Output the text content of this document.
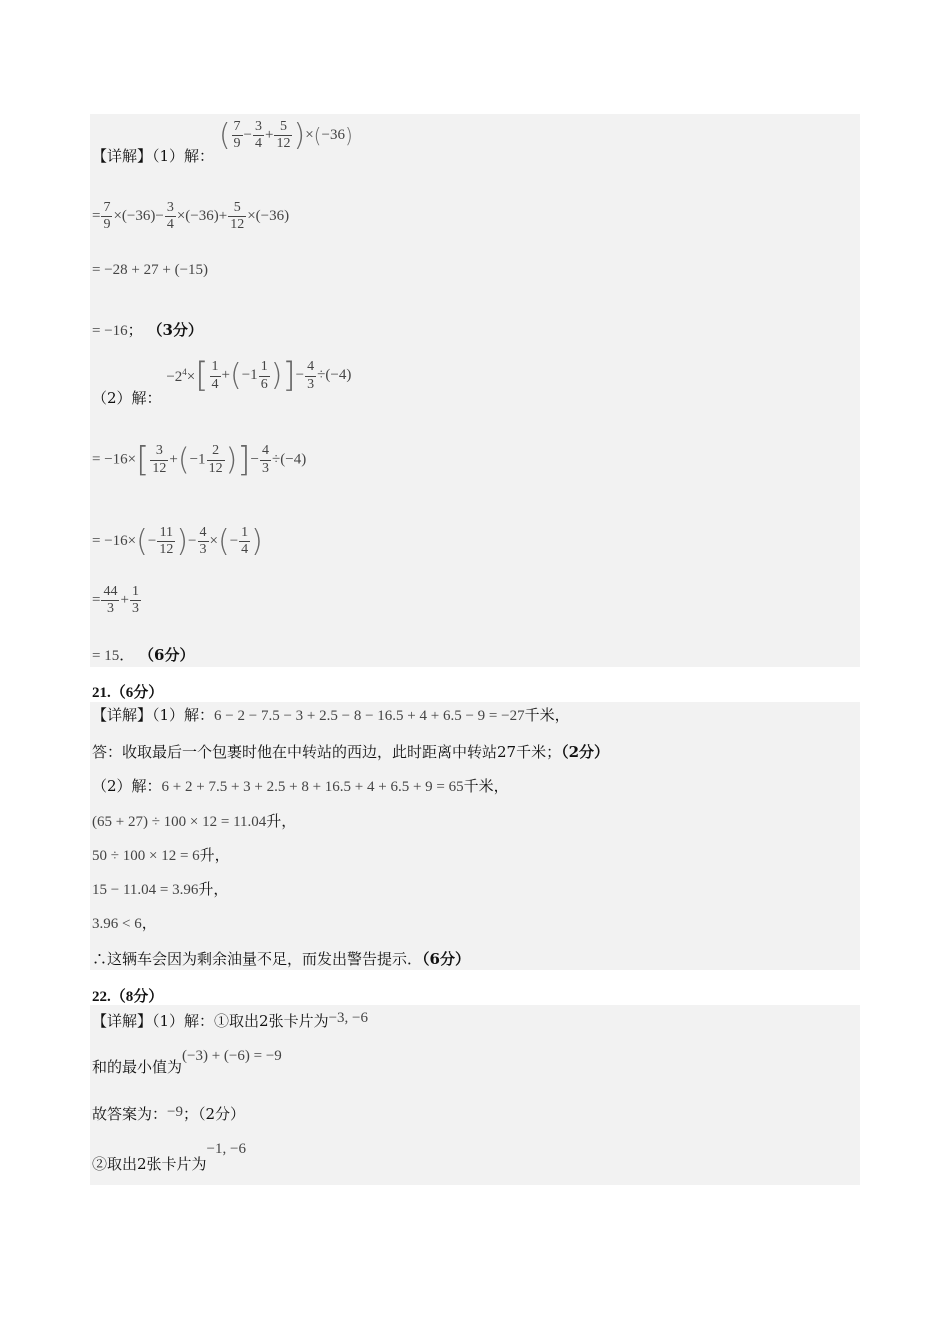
【详解】（1）解： ( $\frac{7}{9} - \frac{3}{4} + \frac{5}{12} )\times(-36)$
= $\frac{7}{9} \times(-36)- \frac{3}{4} \times(-36)+ \frac{5}{12} \times(-36)$
= −28 + 27 + (−15)
= −16； （3分）
（2）解： $-2^4\times[ \frac{1}{4} +(-1 \frac{1}{6}$ )]− $\frac{4}{3} \div(-4)$
= $-16\times[ \frac{3}{12} +(-1 \frac{2}{12}$ )]− $\frac{4}{3} \div(-4)$
= $-16\times(- \frac{11}{12}$ )− $\frac{4}{3}$ ×(− $\frac{1}{4}$ )
= $\frac{44}{3} + \frac{1}{3}$
= 15． （6分）
21.（6分）
【详解】（1）解：6 − 2 − 7.5 − 3 + 2.5 − 8 − 16.5 + 4 + 6.5 − 9 = −27千米，
答：收取最后一个包裹时他在中转站的西边，此时距离中转站27千米；（2分）
（2）解：6 + 2 + 7.5 + 3 + 2.5 + 8 + 16.5 + 4 + 6.5 + 9 = 65千米，
(65 + 27) ÷ 100 × 12 = 11.04升，
50 ÷ 100 × 12 = 6升，
15 − 11.04 = 3.96升，
3.96 < 6，
∴这辆车会因为剩余油量不足，而发出警告提示．（6分）
22.（8分）
【详解】（1）解：①取出2张卡片为−3, −6
和的最小值为(−3) + (−6) = −9
故答案为：−9；（2分）
②取出2张卡片为−1, −6
